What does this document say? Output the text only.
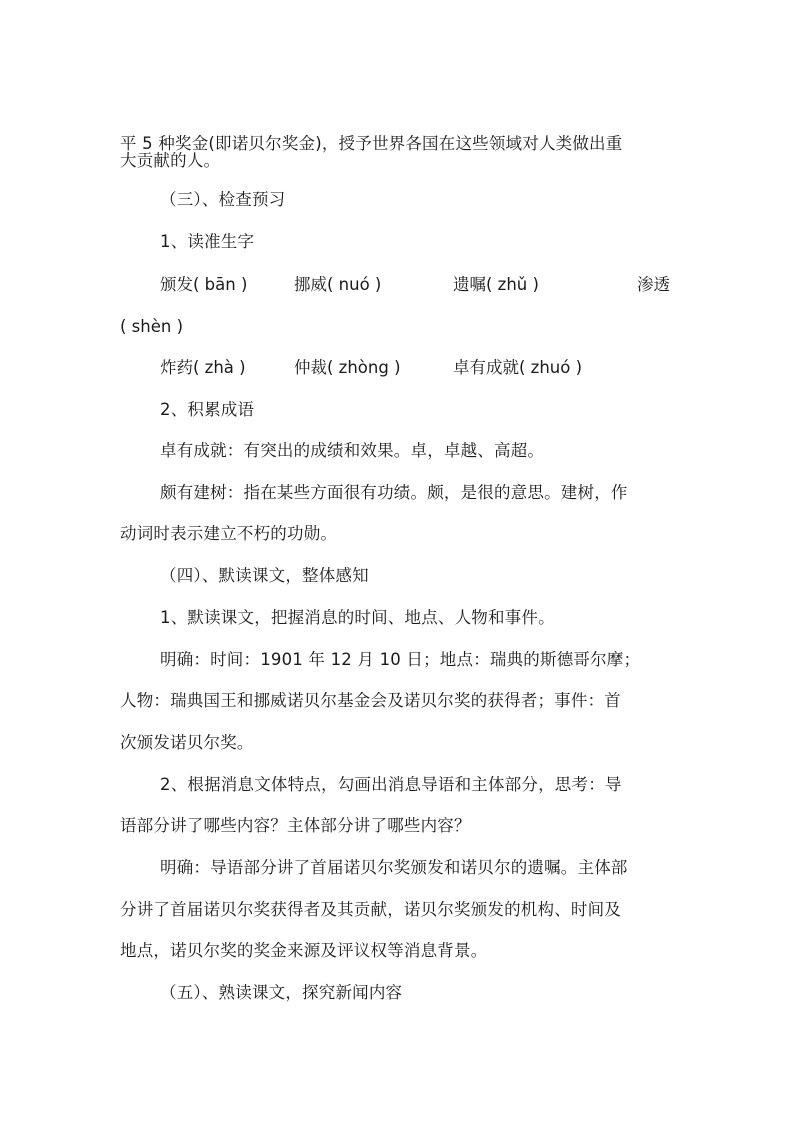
平 5 种奖金(即诺贝尔奖金)，授予世界各国在这些领域对人类做出重

大贡献的人。

（三）、检查预习

1、读准生字

颁发( bān )	挪威( nuó )	遗嘱( zhǔ )	渗透
( shèn )
炸药( zhà )	仲裁( zhòng )	卓有成就( zhuó )

2、积累成语

卓有成就：有突出的成绩和效果。卓，卓越、高超。

颇有建树：指在某些方面很有功绩。颇，是很的意思。建树，作

动词时表示建立不朽的功勋。

（四）、默读课文，整体感知

1、默读课文，把握消息的时间、地点、人物和事件。

明确：时间：1901 年 12 月 10 日；地点：瑞典的斯德哥尔摩；

人物：瑞典国王和挪威诺贝尔基金会及诺贝尔奖的获得者；事件：首

次颁发诺贝尔奖。

2、根据消息文体特点，勾画出消息导语和主体部分，思考：导

语部分讲了哪些内容？主体部分讲了哪些内容？

明确：导语部分讲了首届诺贝尔奖颁发和诺贝尔的遗嘱。主体部

分讲了首届诺贝尔奖获得者及其贡献，诺贝尔奖颁发的机构、时间及

地点，诺贝尔奖的奖金来源及评议权等消息背景。

（五）、熟读课文，探究新闻内容
